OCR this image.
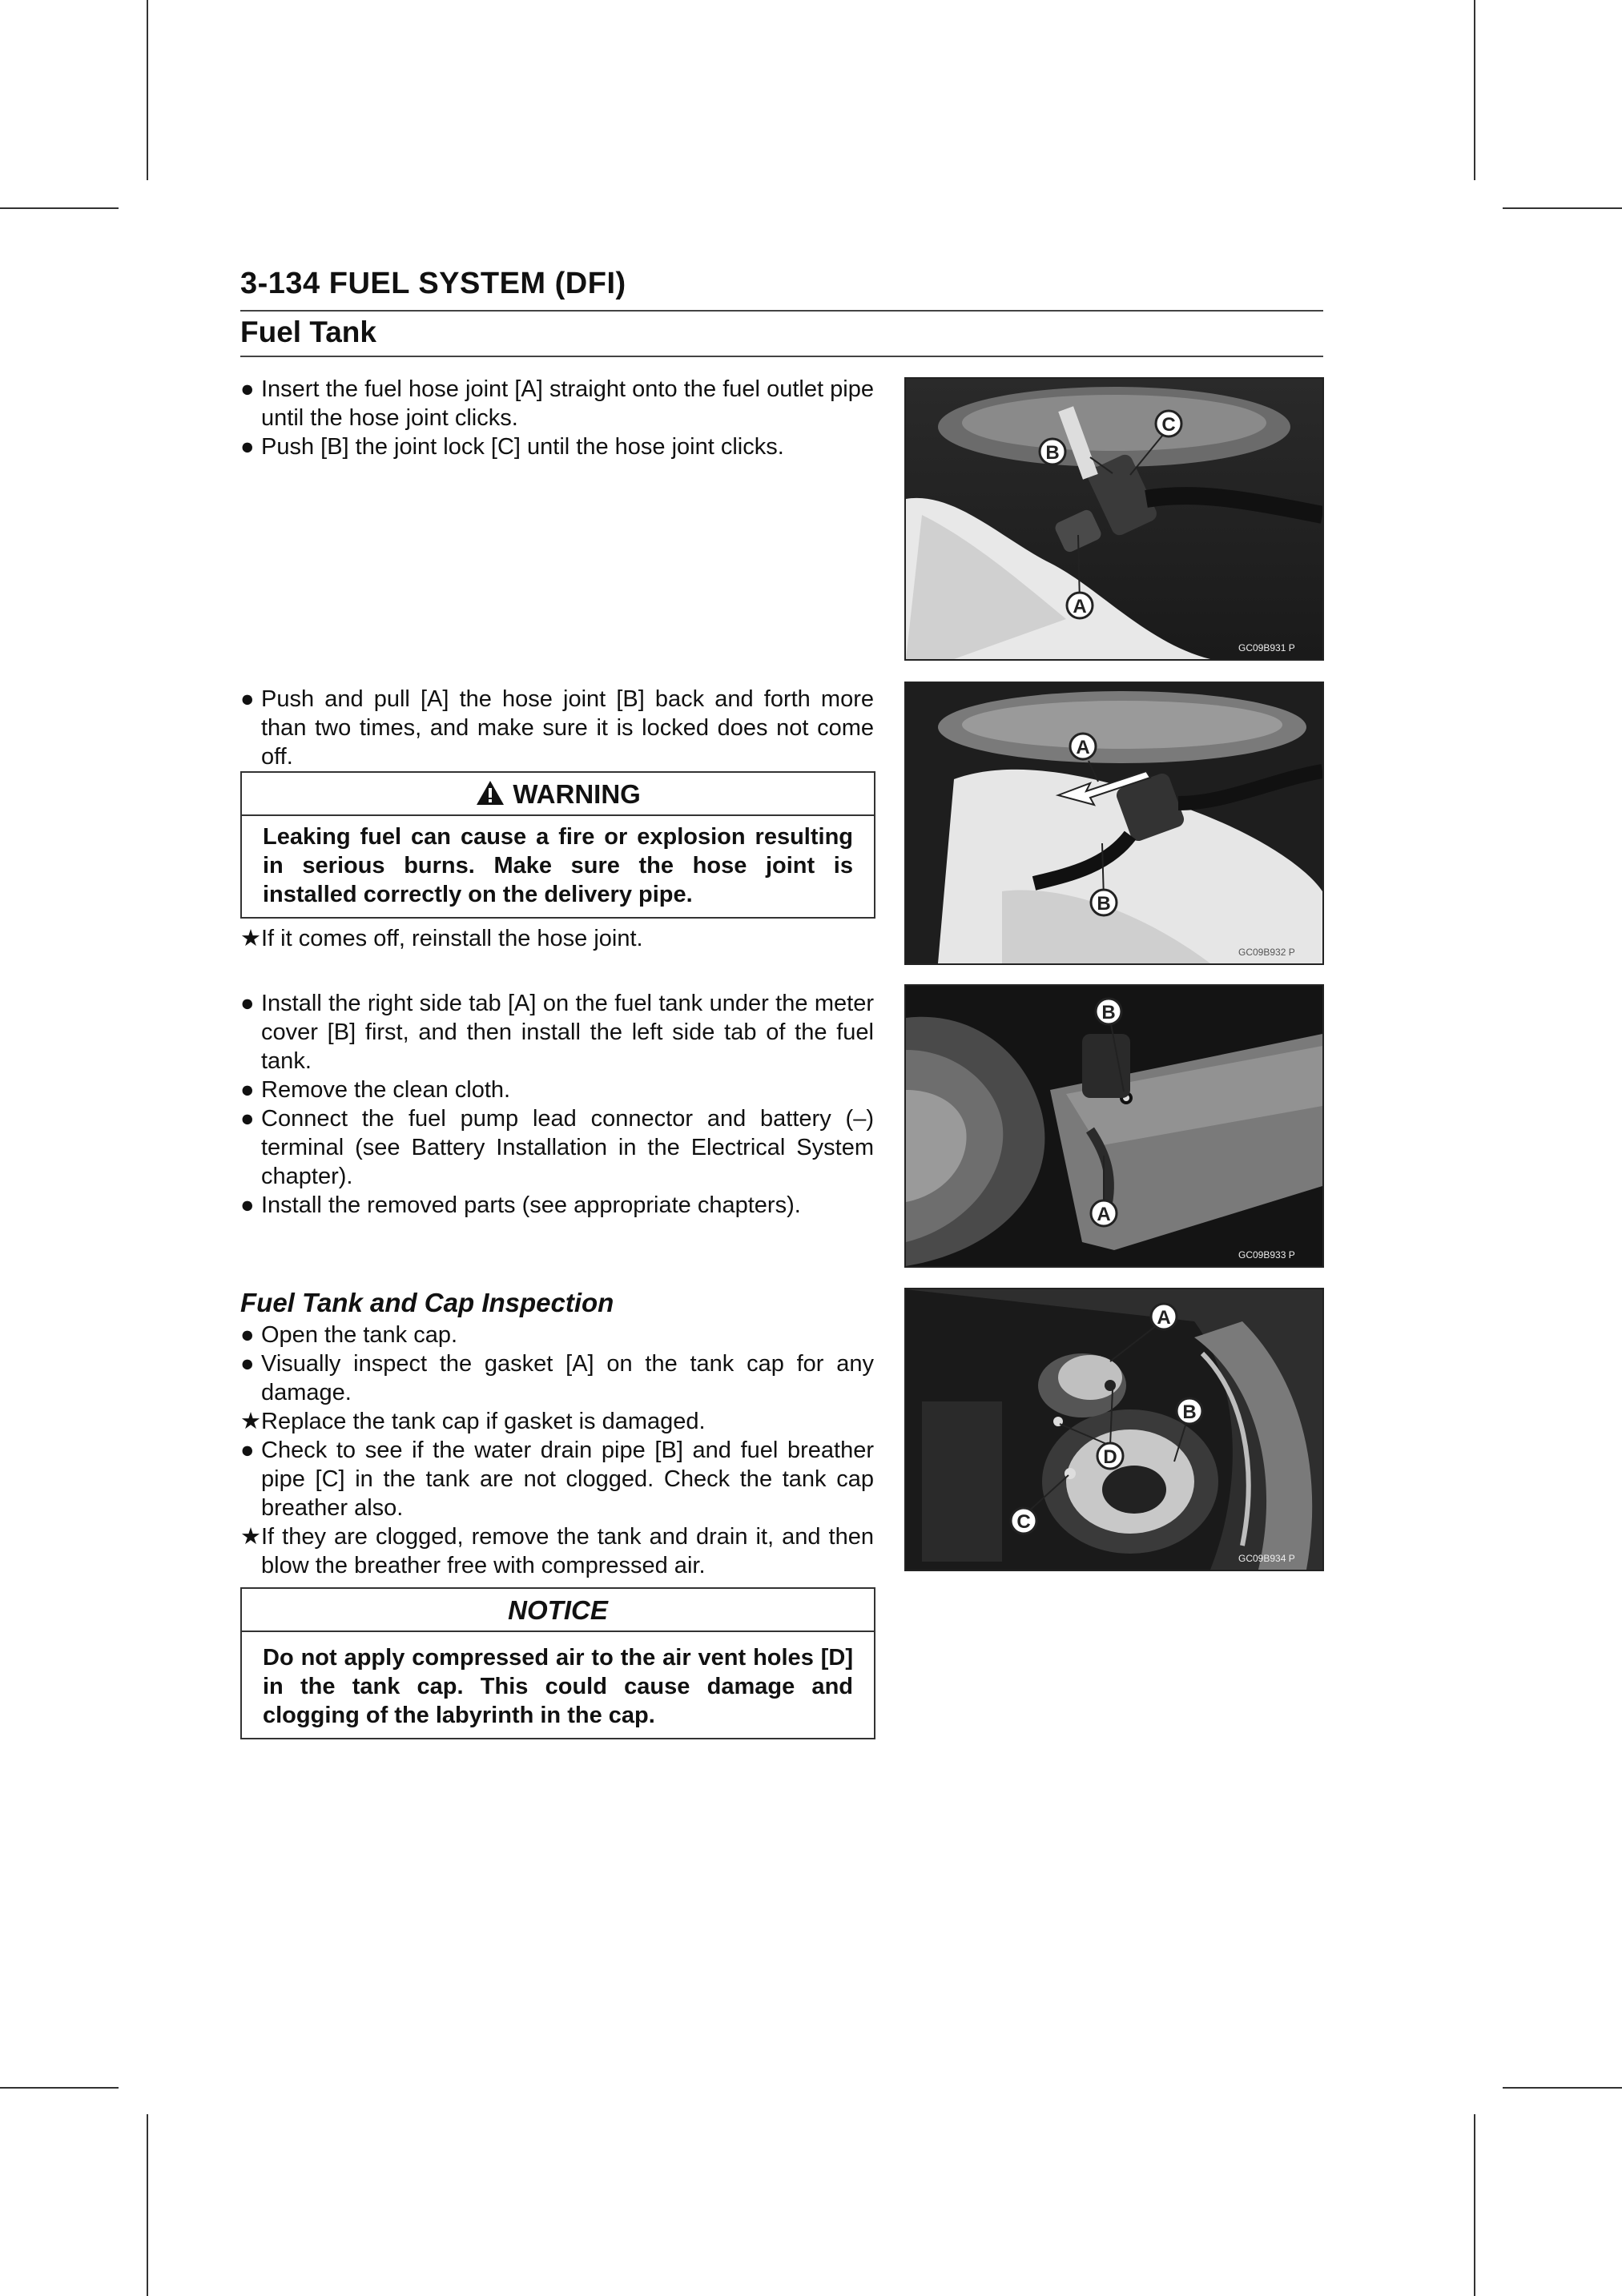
3-134 FUEL SYSTEM (DFI)
Fuel Tank
● Insert the fuel hose joint [A] straight onto the fuel outlet pipe until the hose joint clicks.
● Push [B] the joint lock [C] until the hose joint clicks.
A
B
C
GC09B931 P
● Push and pull [A] the hose joint [B] back and forth more than two times, and make sure it is locked does not come off.
WARNING
Leaking fuel can cause a fire or explosion resulting in serious burns. Make sure the hose joint is installed correctly on the delivery pipe.
★ If it comes off, reinstall the hose joint.
A
B
GC09B932 P
● Install the right side tab [A] on the fuel tank under the meter cover [B] first, and then install the left side tab of the fuel tank.
● Remove the clean cloth.
● Connect the fuel pump lead connector and battery (–) terminal (see Battery Installation in the Electrical System chapter).
● Install the removed parts (see appropriate chapters).
B
A
GC09B933 P
Fuel Tank and Cap Inspection
● Open the tank cap.
● Visually inspect the gasket [A] on the tank cap for any damage.
★ Replace the tank cap if gasket is damaged.
● Check to see if the water drain pipe [B] and fuel breather pipe [C] in the tank are not clogged. Check the tank cap breather also.
★ If they are clogged, remove the tank and drain it, and then blow the breather free with compressed air.
NOTICE
Do not apply compressed air to the air vent holes [D] in the tank cap. This could cause damage and clogging of the labyrinth in the cap.
A
B
C
D
GC09B934 P
